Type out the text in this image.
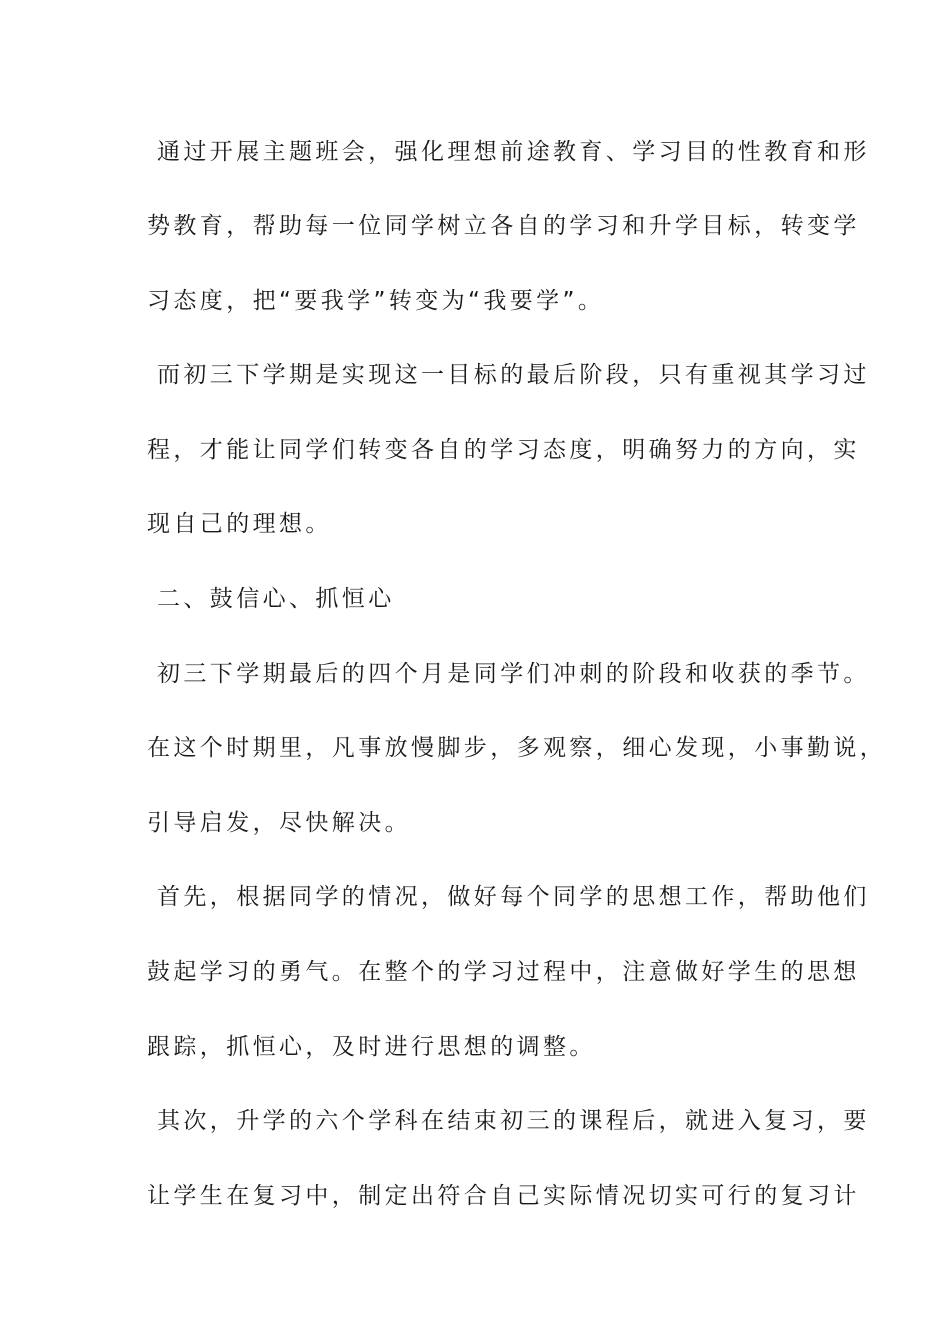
通过开展主题班会，强化理想前途教育、学习目的性教育和形
势教育，帮助每一位同学树立各自的学习和升学目标，转变学
习态度，把“要我学”转变为“我要学”。
而初三下学期是实现这一目标的最后阶段，只有重视其学习过
程，才能让同学们转变各自的学习态度，明确努力的方向，实
现自己的理想。
二、鼓信心、抓恒心
初三下学期最后的四个月是同学们冲刺的阶段和收获的季节。
在这个时期里，凡事放慢脚步，多观察，细心发现，小事勤说，
引导启发，尽快解决。
首先，根据同学的情况，做好每个同学的思想工作，帮助他们
鼓起学习的勇气。在整个的学习过程中，注意做好学生的思想
跟踪，抓恒心，及时进行思想的调整。
其次，升学的六个学科在结束初三的课程后，就进入复习，要
让学生在复习中，制定出符合自己实际情况切实可行的复习计
